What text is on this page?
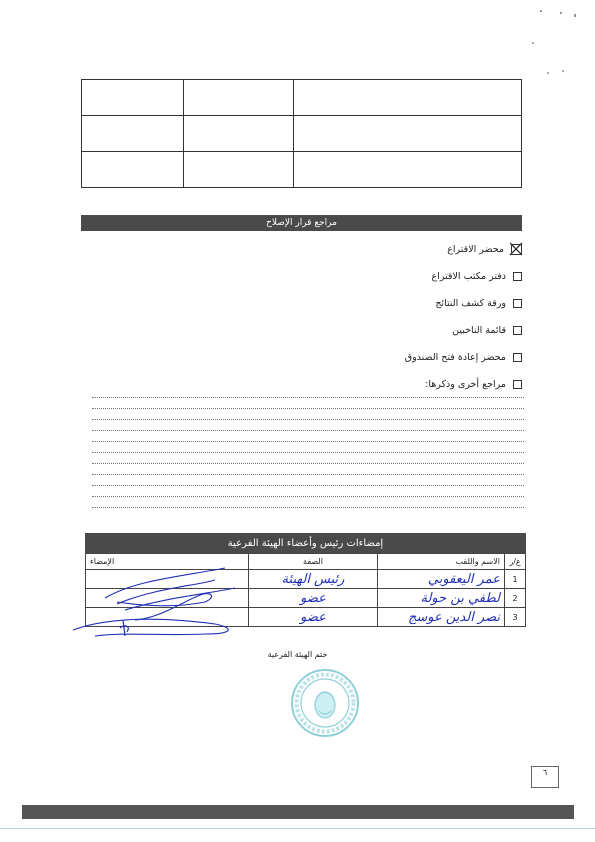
مراجع قرار الإصلاح
محضر الاقتراع
دفتر مكتب الاقتراع
ورقة كشف النتائج
قائمة الناخبين
محضر إعادة فتح الصندوق
مراجع أخرى وذكرها:
إمضاءات رئيس وأعضاء الهيئة الفرعية
ع/ر	الاسم واللقب	الصفة	الإمضاء
1	عمر اليعقوبي	رئيس الهيئة	
2	لطفي بن حولة	عضو	
3	نصر الدين عوسج	عضو	
ختم الهيئة الفرعية
٦
